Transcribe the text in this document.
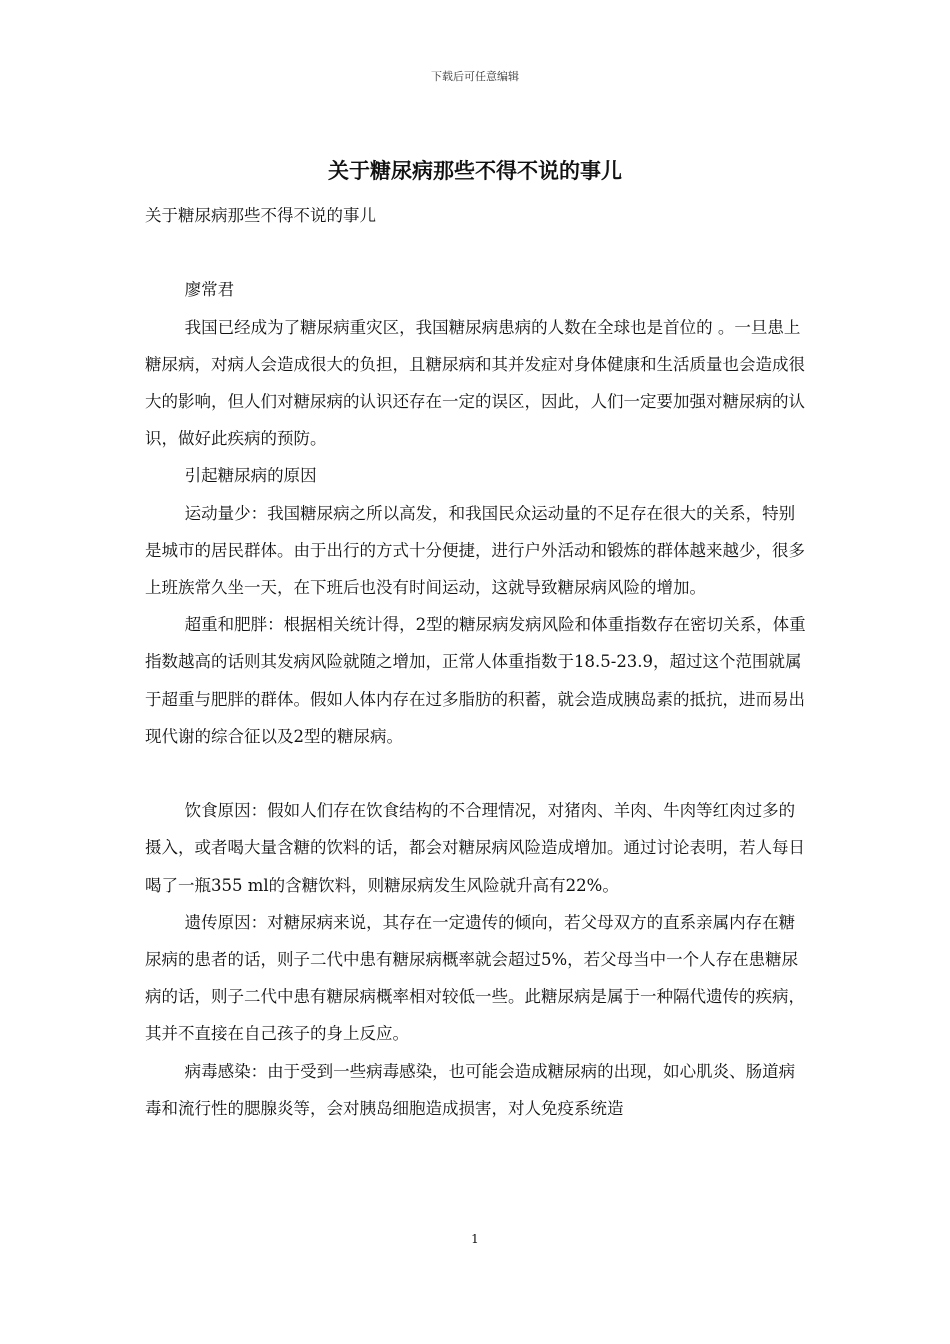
下载后可任意编辑
关于糖尿病那些不得不说的事儿

关于糖尿病那些不得不说的事儿

廖常君

我国已经成为了糖尿病重灾区，我国糖尿病患病的人数在全球也是首位的 。一旦患上糖尿病，对病人会造成很大的负担，且糖尿病和其并发症对身体健康和生活质量也会造成很大的影响，但人们对糖尿病的认识还存在一定的误区，因此，人们一定要加强对糖尿病的认识，做好此疾病的预防。

引起糖尿病的原因

运动量少：我国糖尿病之所以高发，和我国民众运动量的不足存在很大的关系，特别是城市的居民群体。由于出行的方式十分便捷，进行户外活动和锻炼的群体越来越少，很多上班族常久坐一天，在下班后也没有时间运动，这就导致糖尿病风险的增加。

超重和肥胖：根据相关统计得，2型的糖尿病发病风险和体重指数存在密切关系，体重指数越高的话则其发病风险就随之增加，正常人体重指数于18.5-23.9，超过这个范围就属于超重与肥胖的群体。假如人体内存在过多脂肪的积蓄，就会造成胰岛素的抵抗，进而易出现代谢的综合征以及2型的糖尿病。

饮食原因：假如人们存在饮食结构的不合理情况，对猪肉、羊肉、牛肉等红肉过多的摄入，或者喝大量含糖的饮料的话，都会对糖尿病风险造成增加。通过讨论表明，若人每日喝了一瓶355 ml的含糖饮料，则糖尿病发生风险就升高有22%。

遗传原因：对糖尿病来说，其存在一定遗传的倾向，若父母双方的直系亲属内存在糖尿病的患者的话，则子二代中患有糖尿病概率就会超过5%，若父母当中一个人存在患糖尿病的话，则子二代中患有糖尿病概率相对较低一些。此糖尿病是属于一种隔代遗传的疾病，其并不直接在自己孩子的身上反应。

病毒感染：由于受到一些病毒感染，也可能会造成糖尿病的出现，如心肌炎、肠道病毒和流行性的腮腺炎等，会对胰岛细胞造成损害，对人免疫系统造

1
